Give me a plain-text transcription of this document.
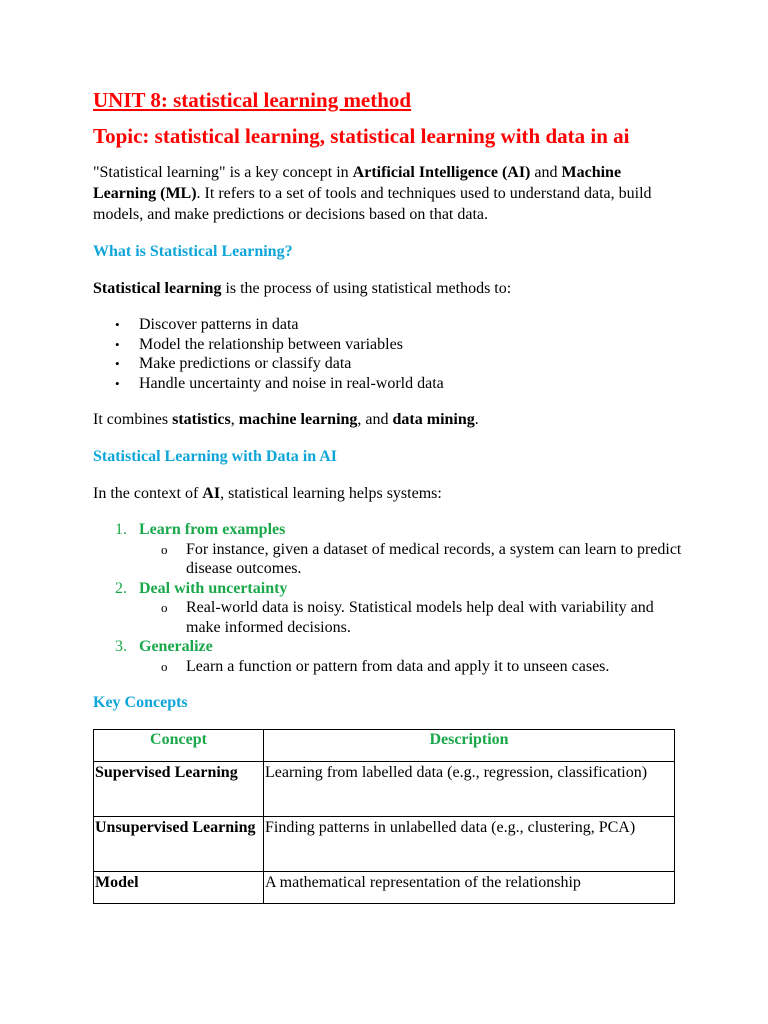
UNIT 8: statistical learning method
Topic: statistical learning, statistical learning with data in ai

"Statistical learning" is a key concept in Artificial Intelligence (AI) and Machine Learning (ML). It refers to a set of tools and techniques used to understand data, build models, and make predictions or decisions based on that data.

What is Statistical Learning?

Statistical learning is the process of using statistical methods to:

• Discover patterns in data
• Model the relationship between variables
• Make predictions or classify data
• Handle uncertainty and noise in real-world data

It combines statistics, machine learning, and data mining.

Statistical Learning with Data in AI

In the context of AI, statistical learning helps systems:

1. Learn from examples
o For instance, given a dataset of medical records, a system can learn to predict disease outcomes.
2. Deal with uncertainty
o Real-world data is noisy. Statistical models help deal with variability and make informed decisions.
3. Generalize
o Learn a function or pattern from data and apply it to unseen cases.
Key Concepts
Concept	Description
Supervised Learning	Learning from labelled data (e.g., regression, classification)
Unsupervised Learning	Finding patterns in unlabelled data (e.g., clustering, PCA)
Model	A mathematical representation of the relationship
